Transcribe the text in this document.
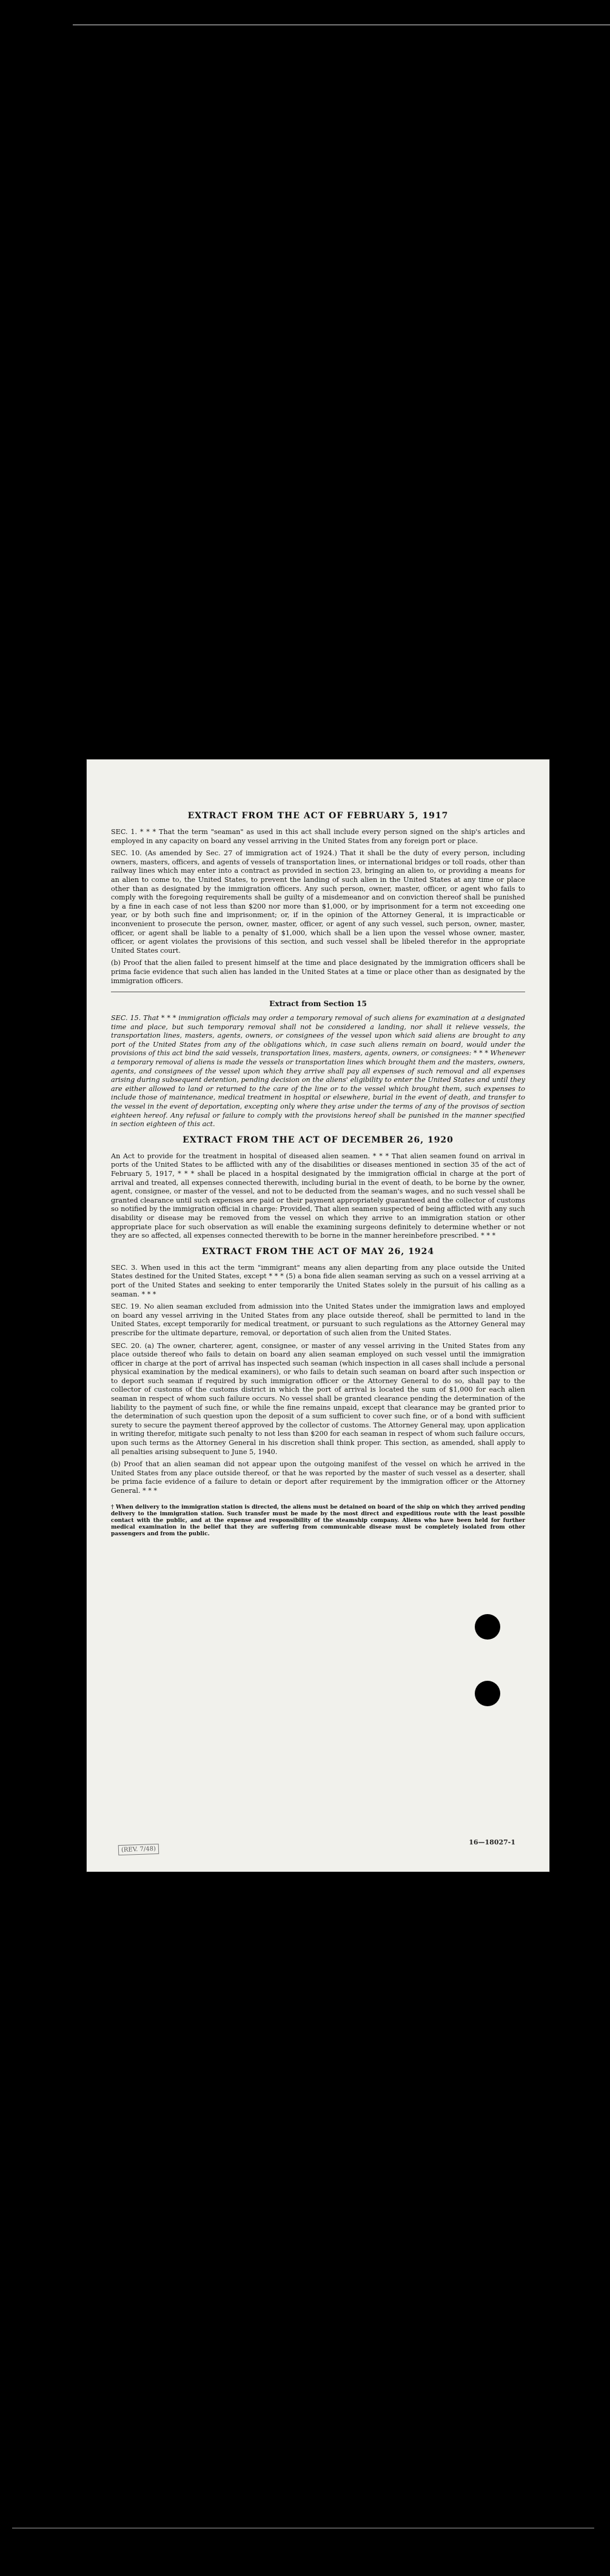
EXTRACT FROM THE ACT OF FEBRUARY 5, 1917

SEC. 1. * * * That the term "seaman" as used in this act shall include every person signed on the ship's articles and employed in any capacity on board any vessel arriving in the United States from any foreign port or place.

SEC. 10. (As amended by Sec. 27 of immigration act of 1924.) That it shall be the duty of every person, including owners, masters, officers, and agents of vessels of transportation lines, or international bridges or toll roads, other than railway lines which may enter into a contract as provided in section 23, bringing an alien to, or providing a means for an alien to come to, the United States, to prevent the landing of such alien in the United States at any time or place other than as designated by the immigration officers. Any such person, owner, master, officer, or agent who fails to comply with the foregoing requirements shall be guilty of a misdemeanor and on conviction thereof shall be punished by a fine in each case of not less than $200 nor more than $1,000, or by imprisonment for a term not exceeding one year, or by both such fine and imprisonment; or, if in the opinion of the Attorney General, it is impracticable or inconvenient to prosecute the person, owner, master, officer, or agent of any such vessel, such person, owner, master, officer, or agent shall be liable to a penalty of $1,000, which shall be a lien upon the vessel whose owner, master, officer, or agent violates the provisions of this section, and such vessel shall be libeled therefor in the appropriate United States court.

(b) Proof that the alien failed to present himself at the time and place designated by the immigration officers shall be prima facie evidence that such alien has landed in the United States at a time or place other than as designated by the immigration officers.

Extract from Section 15

SEC. 15. That * * * immigration officials may order a temporary removal of such aliens for examination at a designated time and place, but such temporary removal shall not be considered a landing, nor shall it relieve vessels, the transportation lines, masters, agents, owners, or consignees of the vessel upon which said aliens are brought to any port of the United States from any of the obligations which, in case such aliens remain on board, would under the provisions of this act bind the said vessels, transportation lines, masters, agents, owners, or consignees: * * * Whenever a temporary removal of aliens is made the vessels or transportation lines which brought them and the masters, owners, agents, and consignees of the vessel upon which they arrive shall pay all expenses of such removal and all expenses arising during subsequent detention, pending decision on the aliens' eligibility to enter the United States and until they are either allowed to land or returned to the care of the line or to the vessel which brought them, such expenses to include those of maintenance, medical treatment in hospital or elsewhere, burial in the event of death, and transfer to the vessel in the event of deportation, excepting only where they arise under the terms of any of the provisos of section eighteen hereof. Any refusal or failure to comply with the provisions hereof shall be punished in the manner specified in section eighteen of this act.

EXTRACT FROM THE ACT OF DECEMBER 26, 1920

An Act to provide for the treatment in hospital of diseased alien seamen. * * * That alien seamen found on arrival in ports of the United States to be afflicted with any of the disabilities or diseases mentioned in section 35 of the act of February 5, 1917, * * * shall be placed in a hospital designated by the immigration official in charge at the port of arrival and treated, all expenses connected therewith, including burial in the event of death, to be borne by the owner, agent, consignee, or master of the vessel, and not to be deducted from the seaman's wages, and no such vessel shall be granted clearance until such expenses are paid or their payment appropriately guaranteed and the collector of customs so notified by the immigration official in charge: Provided, That alien seamen suspected of being afflicted with any such disability or disease may be removed from the vessel on which they arrive to an immigration station or other appropriate place for such observation as will enable the examining surgeons definitely to determine whether or not they are so affected, all expenses connected therewith to be borne in the manner hereinbefore prescribed. * * *

EXTRACT FROM THE ACT OF MAY 26, 1924

SEC. 3. When used in this act the term "immigrant" means any alien departing from any place outside the United States destined for the United States, except * * * (5) a bona fide alien seaman serving as such on a vessel arriving at a port of the United States and seeking to enter temporarily the United States solely in the pursuit of his calling as a seaman. * * *

SEC. 19. No alien seaman excluded from admission into the United States under the immigration laws and employed on board any vessel arriving in the United States from any place outside thereof, shall be permitted to land in the United States, except temporarily for medical treatment, or pursuant to such regulations as the Attorney General may prescribe for the ultimate departure, removal, or deportation of such alien from the United States.

SEC. 20. (a) The owner, charterer, agent, consignee, or master of any vessel arriving in the United States from any place outside thereof who fails to detain on board any alien seaman employed on such vessel until the immigration officer in charge at the port of arrival has inspected such seaman (which inspection in all cases shall include a personal physical examination by the medical examiners), or who fails to detain such seaman on board after such inspection or to deport such seaman if required by such immigration officer or the Attorney General to do so, shall pay to the collector of customs of the customs district in which the port of arrival is located the sum of $1,000 for each alien seaman in respect of whom such failure occurs. No vessel shall be granted clearance pending the determination of the liability to the payment of such fine, or while the fine remains unpaid, except that clearance may be granted prior to the determination of such question upon the deposit of a sum sufficient to cover such fine, or of a bond with sufficient surety to secure the payment thereof approved by the collector of customs. The Attorney General may, upon application in writing therefor, mitigate such penalty to not less than $200 for each seaman in respect of whom such failure occurs, upon such terms as the Attorney General in his discretion shall think proper. This section, as amended, shall apply to all penalties arising subsequent to June 5, 1940.

(b) Proof that an alien seaman did not appear upon the outgoing manifest of the vessel on which he arrived in the United States from any place outside thereof, or that he was reported by the master of such vessel as a deserter, shall be prima facie evidence of a failure to detain or deport after requirement by the immigration officer or the Attorney General. * * *

† When delivery to the immigration station is directed, the aliens must be detained on board of the ship on which they arrived pending delivery to the immigration station. Such transfer must be made by the most direct and expeditious route with the least possible contact with the public, and at the expense and responsibility of the steamship company. Aliens who have been held for further medical examination in the belief that they are suffering from communicable disease must be completely isolated from other passengers and from the public.
(REV. 7/48)
16—18027-1
